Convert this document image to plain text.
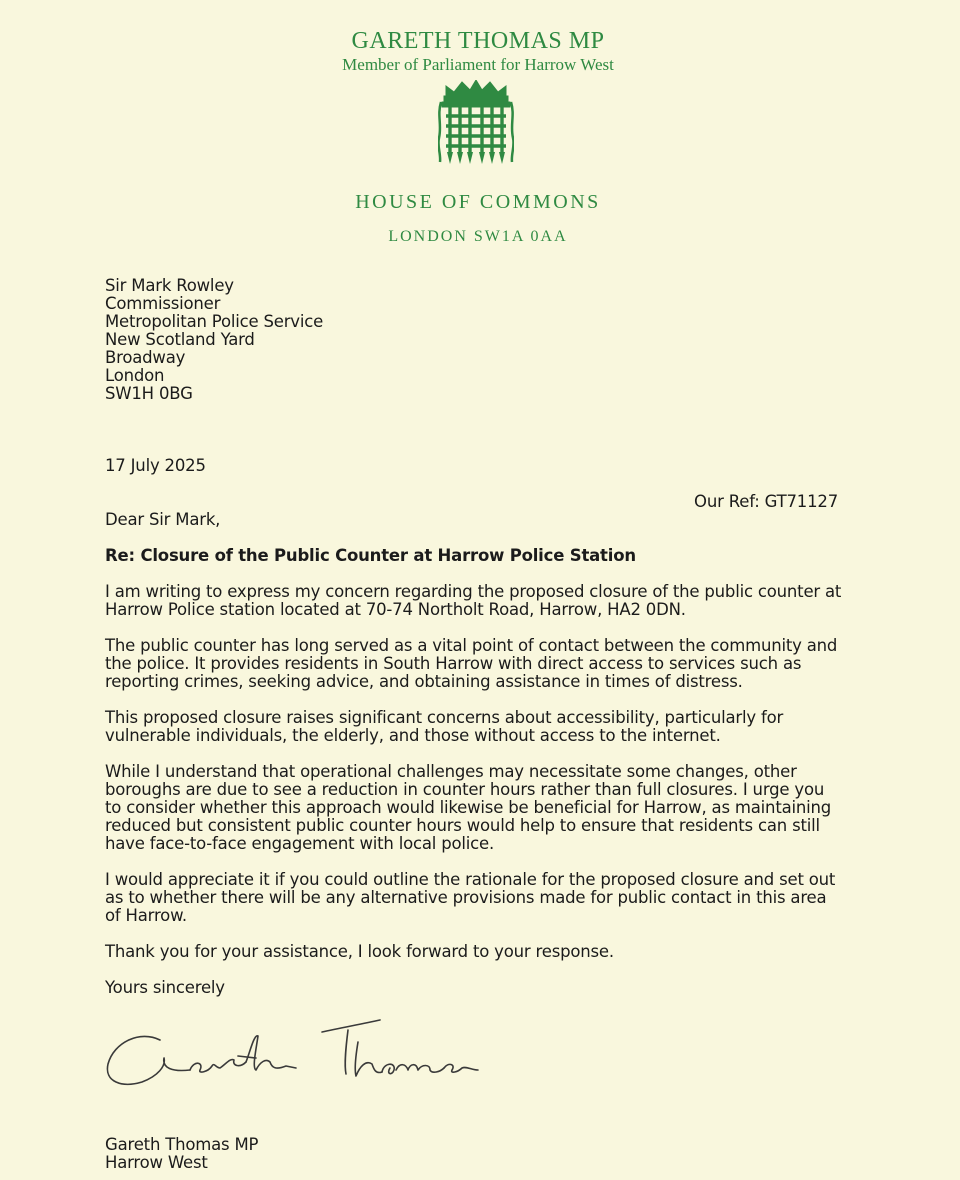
GARETH THOMAS MP
Member of Parliament for Harrow West
HOUSE OF COMMONS
LONDON SW1A 0AA
Sir Mark Rowley
Commissioner
Metropolitan Police Service
New Scotland Yard
Broadway
London
SW1H 0BG
17 July 2025
Our Ref: GT71127
Dear Sir Mark,
Re: Closure of the Public Counter at Harrow Police Station

I am writing to express my concern regarding the proposed closure of the public counter at Harrow Police station located at 70-74 Northolt Road, Harrow, HA2 0DN.

The public counter has long served as a vital point of contact between the community and the police. It provides residents in South Harrow with direct access to services such as reporting crimes, seeking advice, and obtaining assistance in times of distress.

This proposed closure raises significant concerns about accessibility, particularly for vulnerable individuals, the elderly, and those without access to the internet.

While I understand that operational challenges may necessitate some changes, other boroughs are due to see a reduction in counter hours rather than full closures. I urge you to consider whether this approach would likewise be beneficial for Harrow, as maintaining reduced but consistent public counter hours would help to ensure that residents can still have face-to-face engagement with local police.

I would appreciate it if you could outline the rationale for the proposed closure and set out as to whether there will be any alternative provisions made for public contact in this area of Harrow.

Thank you for your assistance, I look forward to your response.

Yours sincerely
Gareth Thomas MP
Harrow West
